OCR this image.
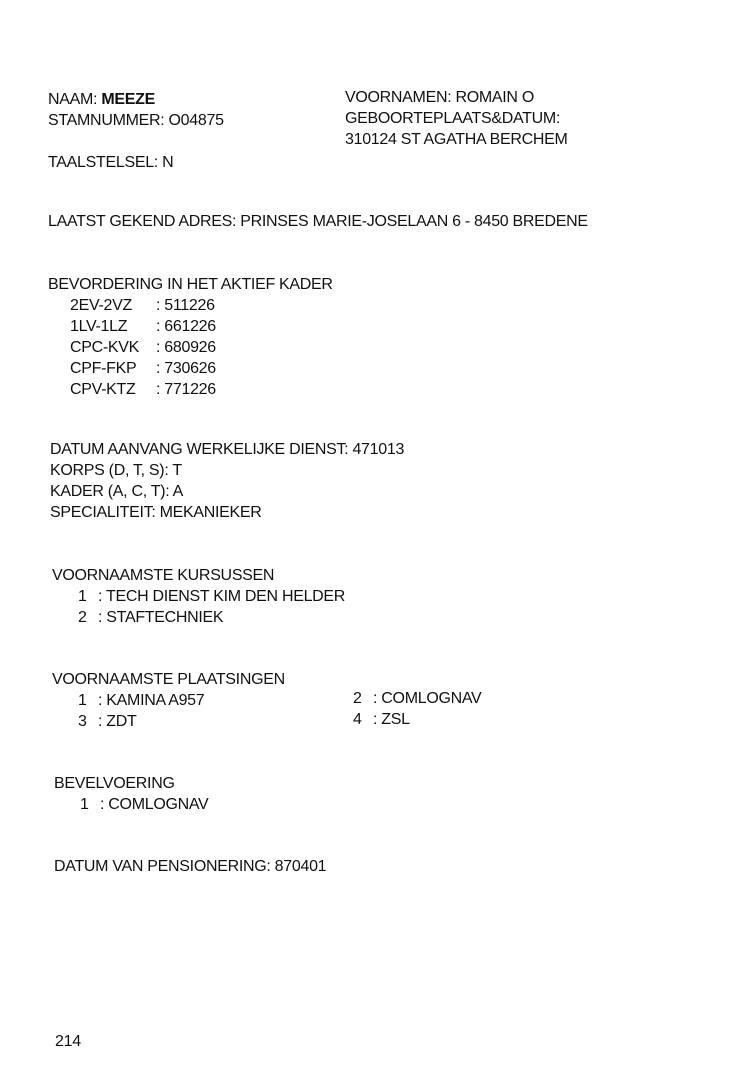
NAAM: MEEZE
STAMNUMMER: O04875
VOORNAMEN: ROMAIN O
GEBOORTEPLAATS&DATUM:
310124 ST AGATHA BERCHEM
TAALSTELSEL: N
LAATST GEKEND ADRES: PRINSES MARIE-JOSELAAN 6 - 8450 BREDENE
BEVORDERING IN HET AKTIEF KADER
2EV-2VZ	: 511226
1LV-1LZ	: 661226
CPC-KVK	: 680926
CPF-FKP	: 730626
CPV-KTZ	: 771226
DATUM AANVANG WERKELIJKE DIENST: 471013
KORPS (D, T, S): T
KADER (A, C, T): A
SPECIALITEIT: MEKANIEKER
VOORNAAMSTE KURSUSSEN
1 : TECH DIENST KIM DEN HELDER
2 : STAFTECHNIEK
VOORNAAMSTE PLAATSINGEN
1 : KAMINA A957	2 : COMLOGNAV
3 : ZDT	4 : ZSL
BEVELVOERING
1 : COMLOGNAV
DATUM VAN PENSIONERING: 870401
214
